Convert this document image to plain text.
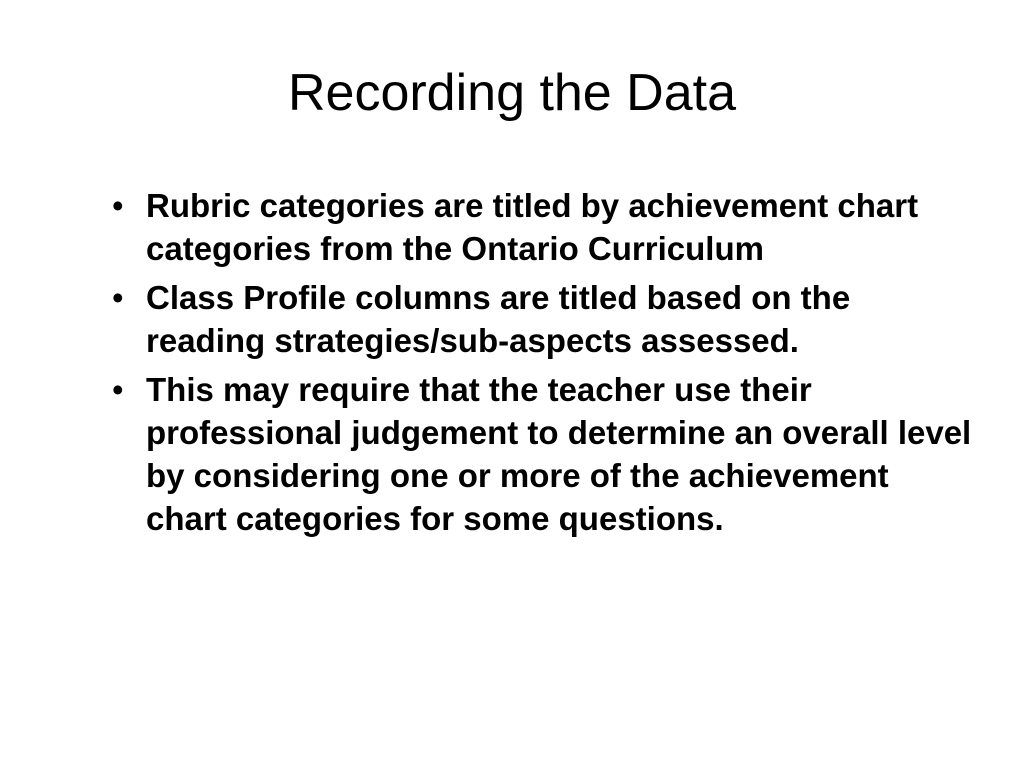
Recording the Data
• Rubric categories are titled by achievement chart categories from the Ontario Curriculum
• Class Profile columns are titled based on the reading strategies/sub-aspects assessed.
• This may require that the teacher use their professional judgement to determine an overall level by considering one or more of the achievement chart categories for some questions.
